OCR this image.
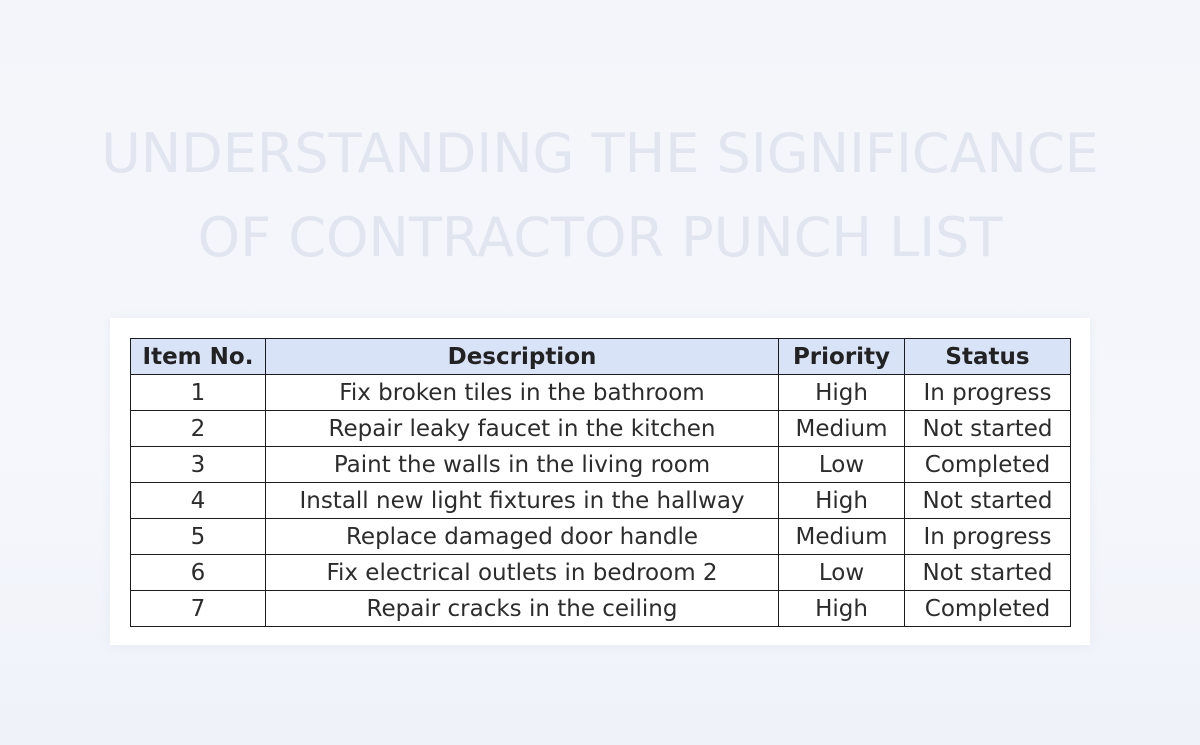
UNDERSTANDING THE SIGNIFICANCE
OF CONTRACTOR PUNCH LIST
Item No.	Description	Priority	Status
1	Fix broken tiles in the bathroom	High	In progress
2	Repair leaky faucet in the kitchen	Medium	Not started
3	Paint the walls in the living room	Low	Completed
4	Install new light fixtures in the hallway	High	Not started
5	Replace damaged door handle	Medium	In progress
6	Fix electrical outlets in bedroom 2	Low	Not started
7	Repair cracks in the ceiling	High	Completed
